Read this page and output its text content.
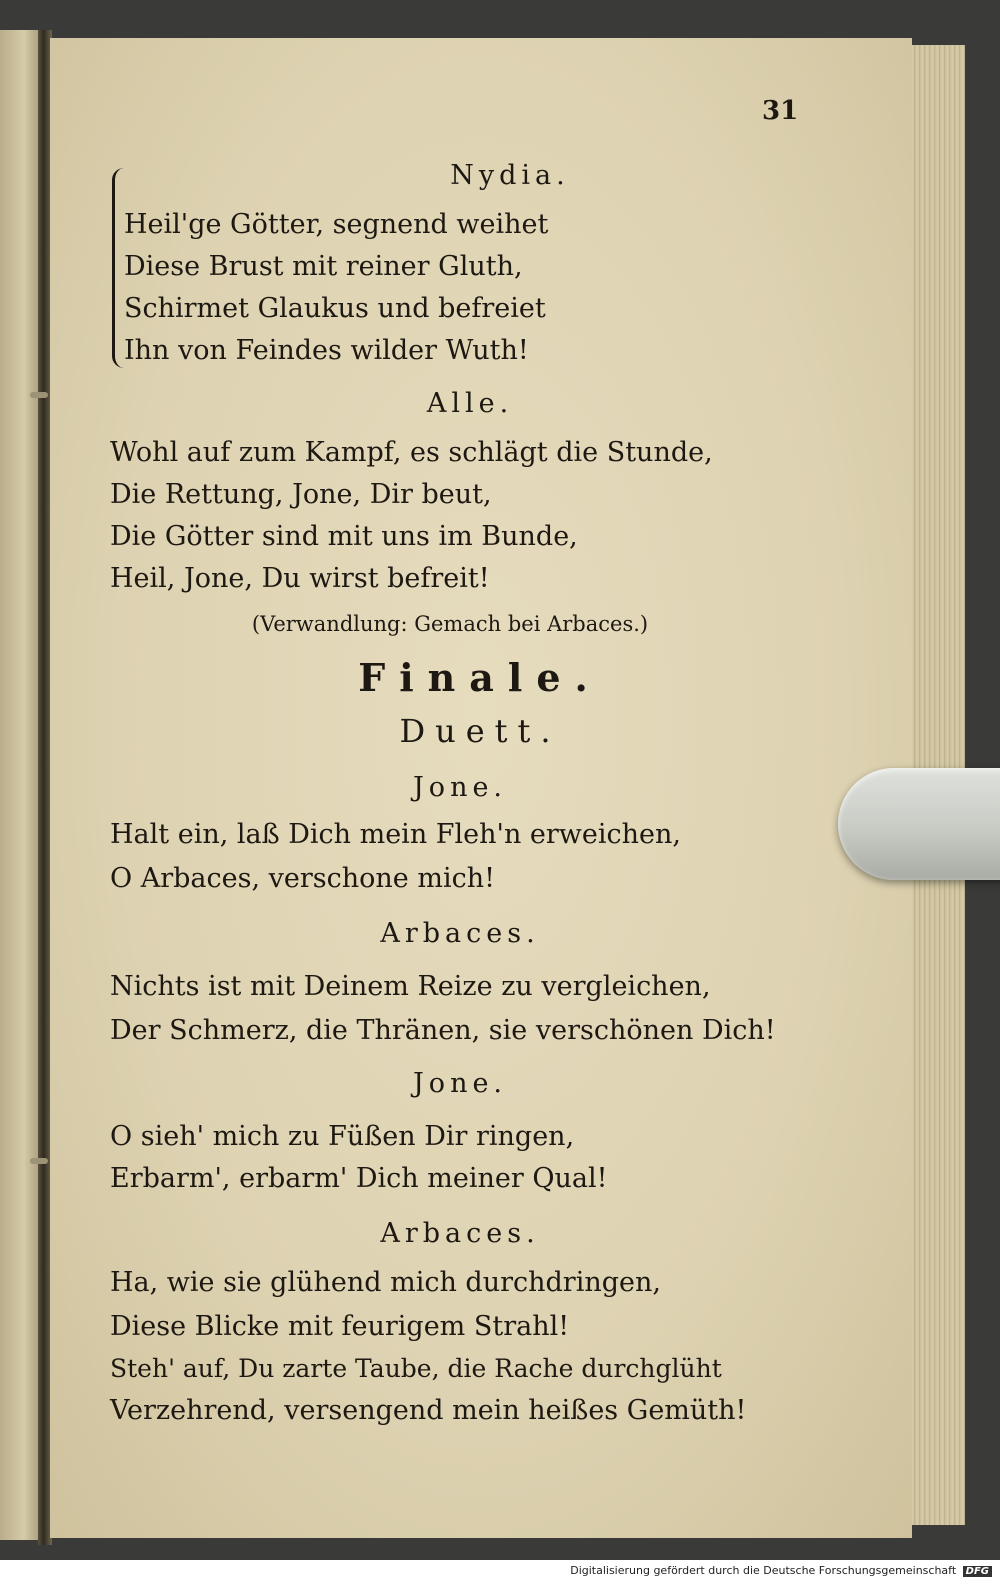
31
Nydia.
Heil'ge Götter, segnend weihet
Diese Brust mit reiner Gluth,
Schirmet Glaukus und befreiet
Ihn von Feindes wilder Wuth!
Alle.
Wohl auf zum Kampf, es schlägt die Stunde,
Die Rettung, Jone, Dir beut,
Die Götter sind mit uns im Bunde,
Heil, Jone, Du wirst befreit!
(Verwandlung: Gemach bei Arbaces.)
Finale.
Duett.
Jone.
Halt ein, laß Dich mein Fleh'n erweichen,
O Arbaces, verschone mich!
Arbaces.
Nichts ist mit Deinem Reize zu vergleichen,
Der Schmerz, die Thränen, sie verschönen Dich!
Jone.
O sieh' mich zu Füßen Dir ringen,
Erbarm', erbarm' Dich meiner Qual!
Arbaces.
Ha, wie sie glühend mich durchdringen,
Diese Blicke mit feurigem Strahl!
Steh' auf, Du zarte Taube, die Rache durchglüht
Verzehrend, versengend mein heißes Gemüth!
Digitalisierung gefördert durch die Deutsche Forschungsgemeinschaft DFG
